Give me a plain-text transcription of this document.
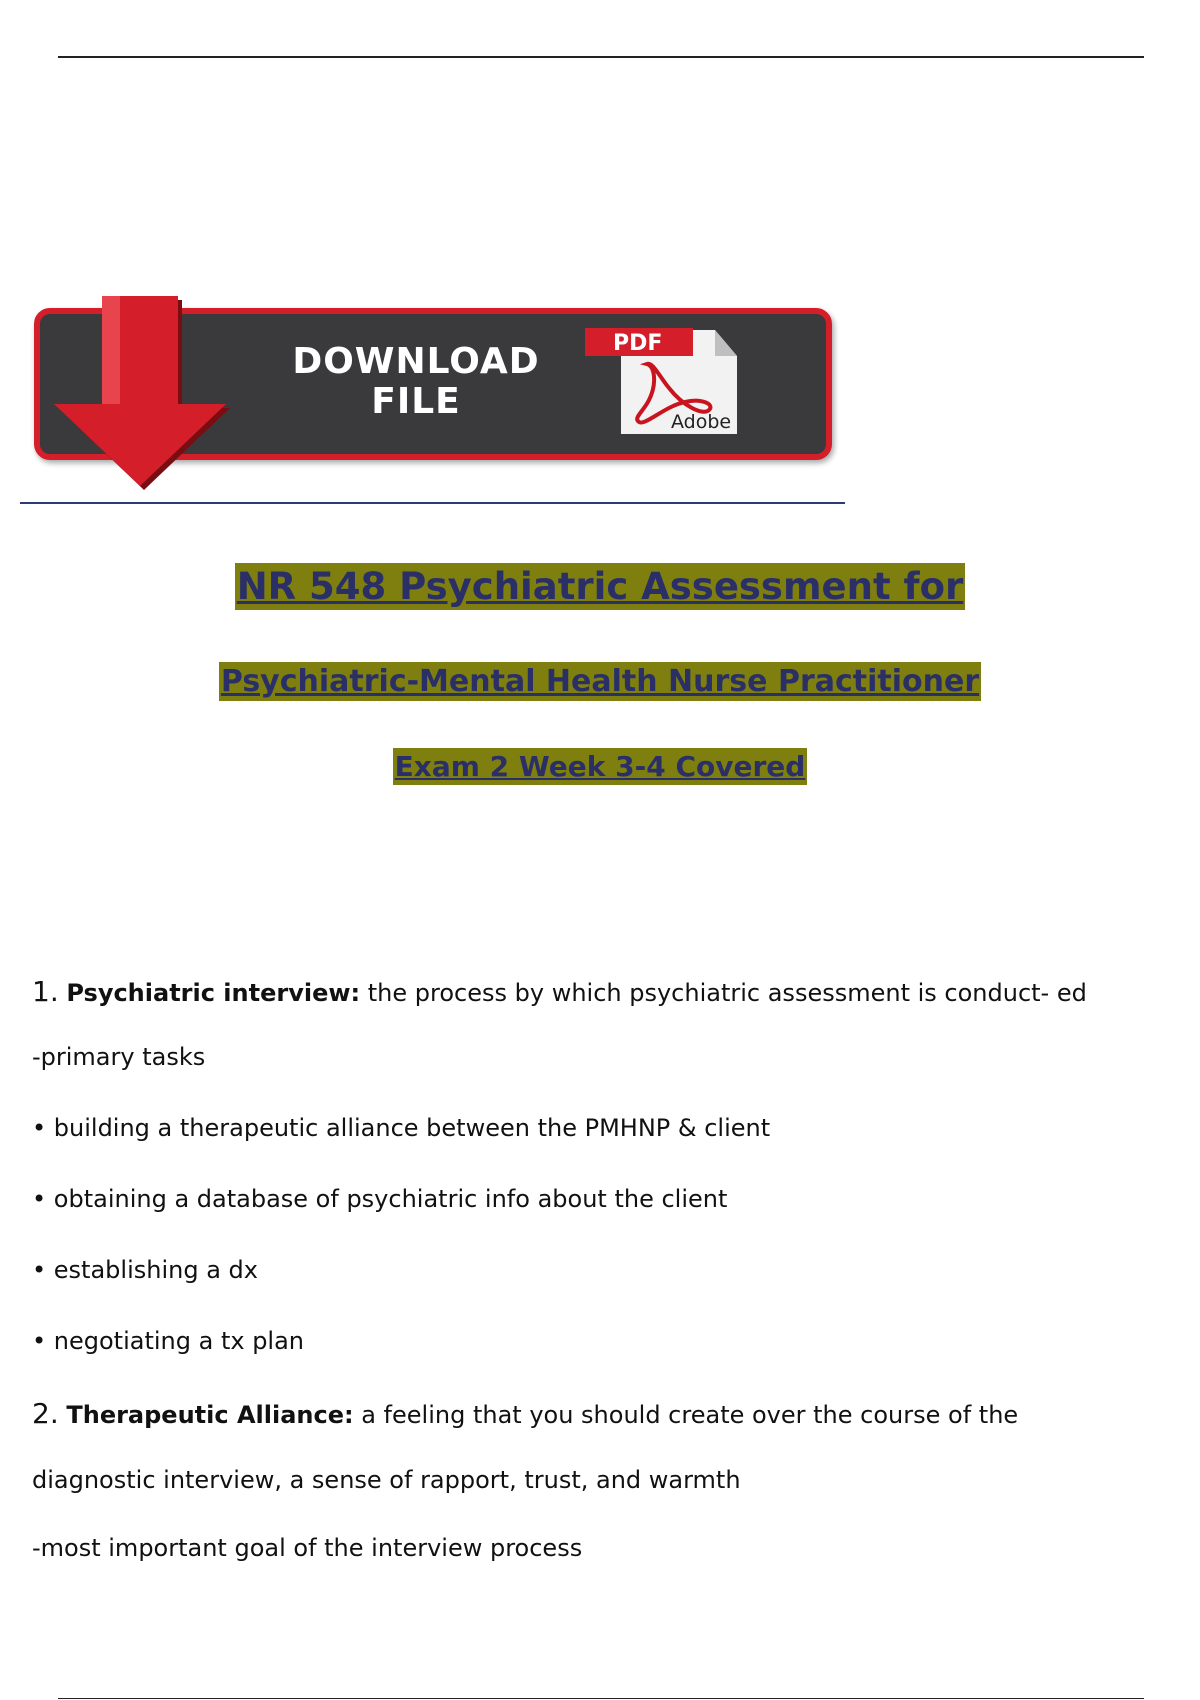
DOWNLOAD
FILE
PDF
Adobe
NR 548 Psychiatric Assessment for
Psychiatric-Mental Health Nurse Practitioner
Exam 2 Week 3-4 Covered
1. Psychiatric interview: the process by which psychiatric assessment is conduct- ed
-primary tasks
• building a therapeutic alliance between the PMHNP & client
• obtaining a database of psychiatric info about the client
• establishing a dx
• negotiating a tx plan
2. Therapeutic Alliance: a feeling that you should create over the course of the
diagnostic interview, a sense of rapport, trust, and warmth
-most important goal of the interview process
